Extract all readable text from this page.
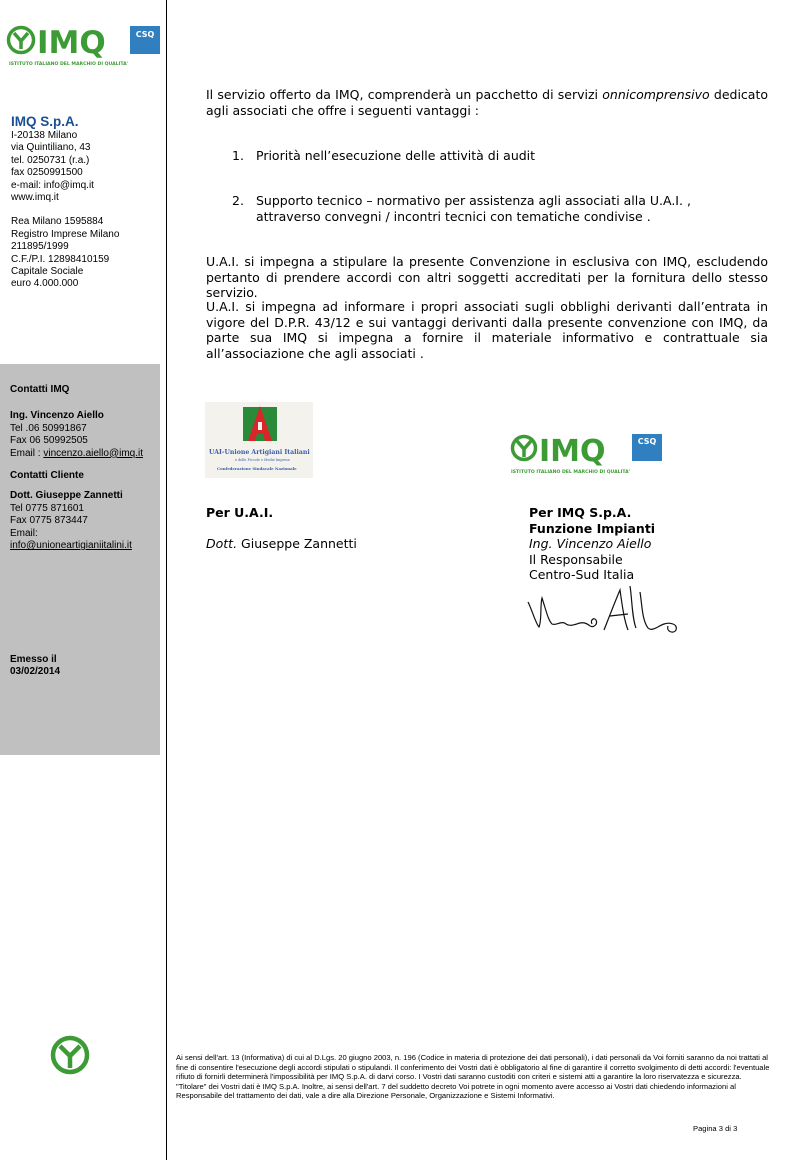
IMQ	CSQ
ISTITUTO ITALIANO DEL MARCHIO DI QUALITA'
IMQ S.p.A.
I-20138 Milano
via Quintiliano, 43
tel. 0250731 (r.a.)
fax 0250991500
e-mail: info@imq.it
www.imq.it
Rea Milano 1595884
Registro Imprese Milano
211895/1999
C.F./P.I. 12898410159
Capitale Sociale
euro 4.000.000
Contatti IMQ
Ing. Vincenzo Aiello
Tel .06 50991867
Fax 06 50992505
Email : vincenzo.aiello@imq.it
Contatti Cliente
Dott. Giuseppe Zannetti
Tel 0775 871601
Fax 0775 873447
Email:
info@unioneartigianiitalini.it
Emesso il
03/02/2014
Il servizio offerto da IMQ, comprenderà un pacchetto di servizi onnicomprensivo dedicato agli associati che offre i seguenti vantaggi :
1. Priorità nell’esecuzione delle attività di audit
2. Supporto tecnico – normativo per assistenza agli associati alla U.A.I. ,
attraverso convegni / incontri tecnici con tematiche condivise .
U.A.I. si impegna a stipulare la presente Convenzione in esclusiva con IMQ, escludendo pertanto di prendere accordi con altri soggetti accreditati per la fornitura dello stesso servizio.
U.A.I. si impegna ad informare i propri associati sugli obblighi derivanti dall’entrata in vigore del D.P.R. 43/12 e sui vantaggi derivanti dalla presente convenzione con IMQ, da parte sua IMQ si impegna a fornire il materiale informativo e contrattuale sia all’associazione che agli associati .
UAI-Unione Artigiani Italiani
e delle Piccole e Medie Imprese
Confederazione Sindacale Nazionale	IMQ	CSQ
ISTITUTO ITALIANO DEL MARCHIO DI QUALITA'
Per U.A.I.
Dott. Giuseppe Zannetti
Per IMQ S.p.A.
Funzione Impianti
Ing. Vincenzo Aiello
Il Responsabile
Centro-Sud Italia
Ai sensi dell'art. 13 (Informativa) di cui al D.Lgs. 20 giugno 2003, n. 196 (Codice in materia di protezione dei dati personali), i dati personali da Voi forniti saranno da noi trattati al fine di consentire l'esecuzione degli accordi stipulati o stipulandi. Il conferimento dei Vostri dati è obbligatorio al fine di garantire il corretto svolgimento di detti accordi: l'eventuale rifiuto di fornirli determinerà l'impossibilità per IMQ S.p.A. di darvi corso. I Vostri dati saranno custoditi con criteri e sistemi atti a garantire la loro riservatezza e sicurezza. "Titolare" dei Vostri dati è IMQ S.p.A. Inoltre, ai sensi dell'art. 7 del suddetto decreto Voi potrete in ogni momento avere accesso ai Vostri dati chiedendo informazioni al Responsabile del trattamento dei dati, vale a dire alla Direzione Personale, Organizzazione e Sistemi Informativi.
Pagina 3 di 3
